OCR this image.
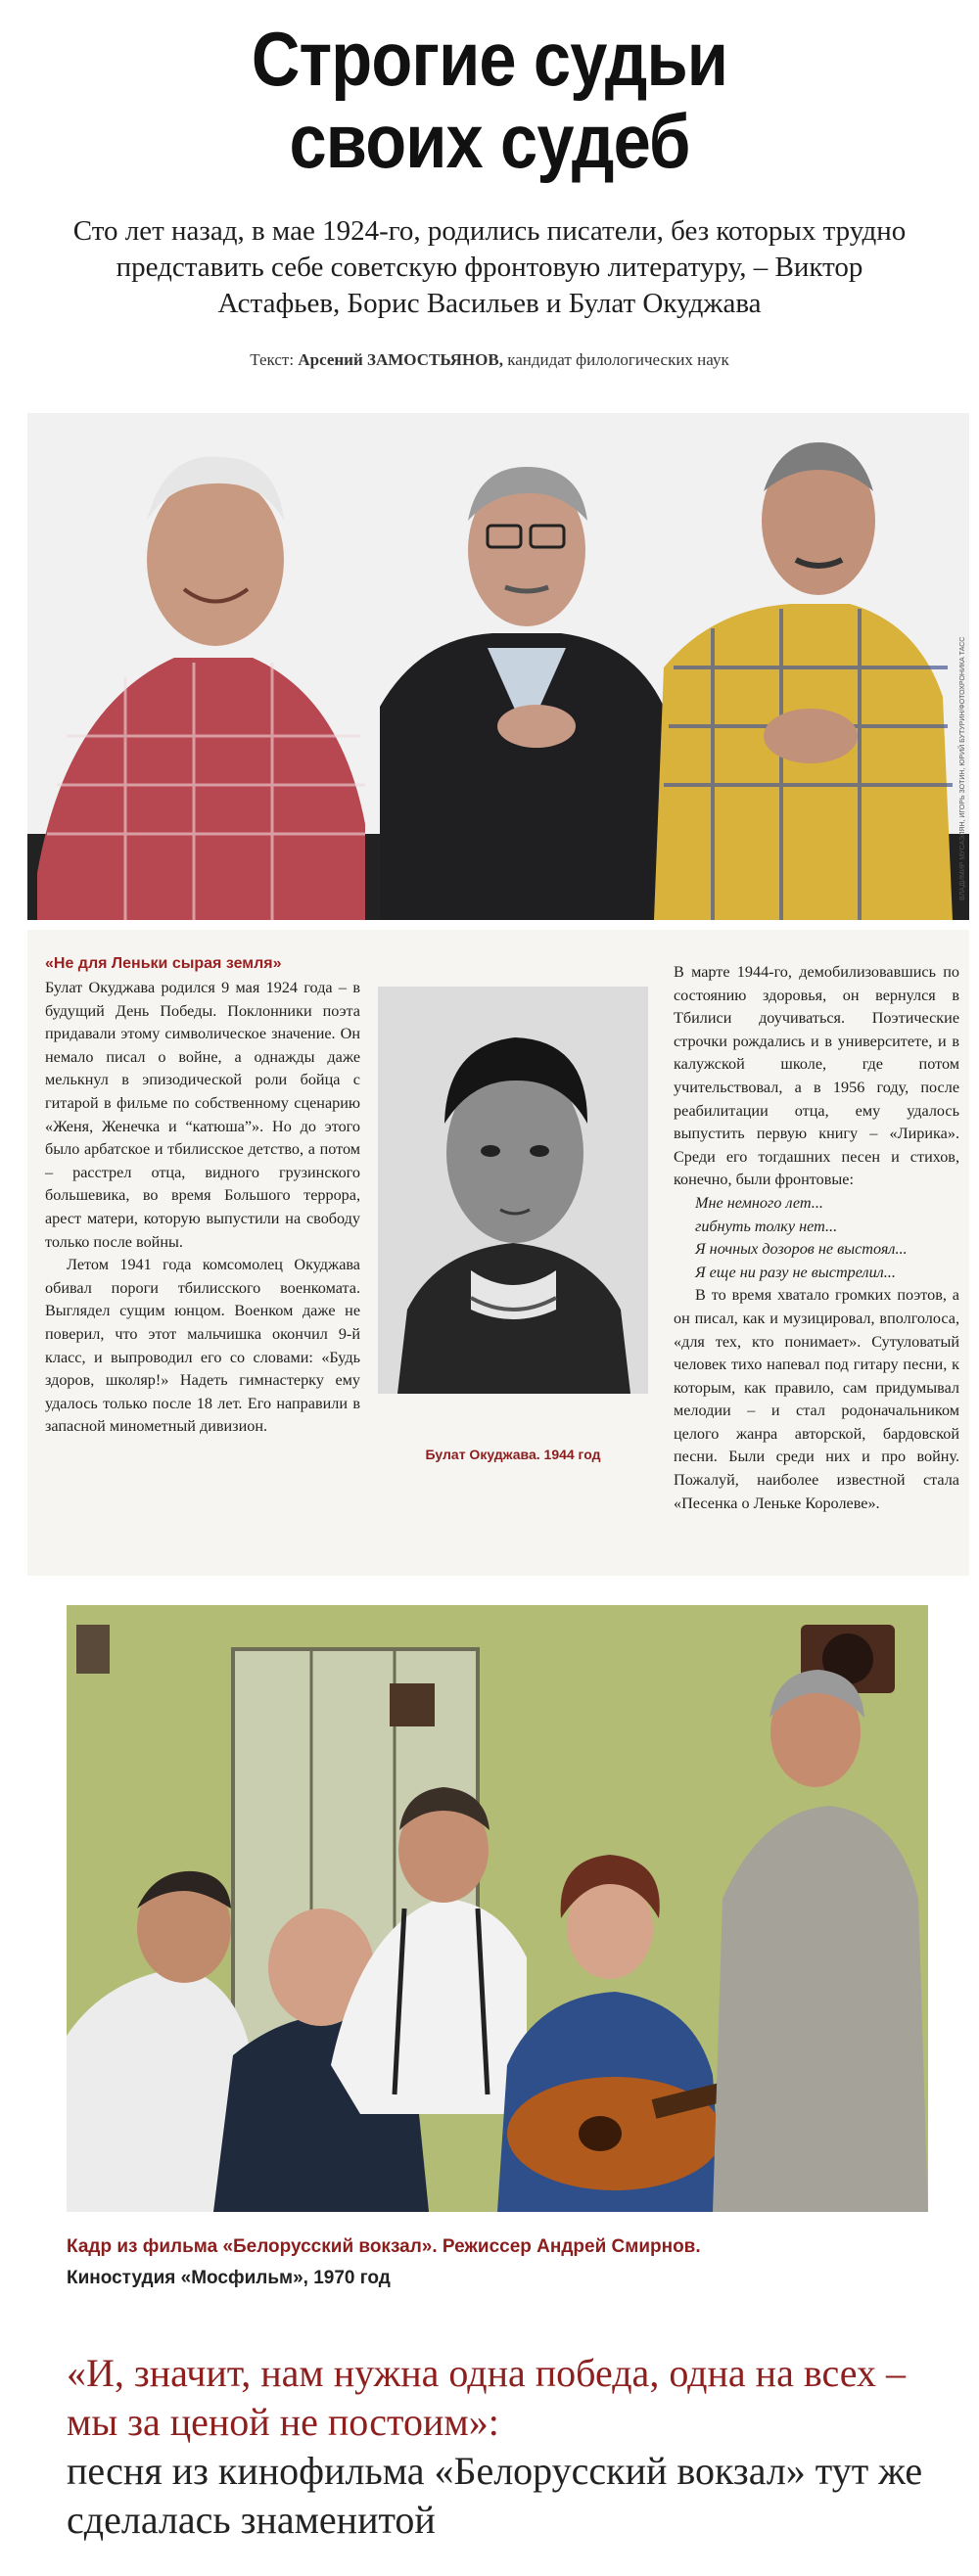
Строгие судьи
своих судеб

Сто лет назад, в мае 1924-го, родились писатели, без которых трудно представить себе советскую фронтовую литературу, – Виктор Астафьев, Борис Васильев и Булат Окуджава

Текст: Арсений ЗАМОСТЬЯНОВ, кандидат филологических наук

ВЛАДИМИР МУСАЭЛЯН, ИГОРЬ ЗОТИН, ЮРИЙ БУТУРИН/ФОТОХРОНИКА ТАСС
«Не для Леньки сырая земля»

Булат Окуджава родился 9 мая 1924 года – в будущий День Победы. Поклонники поэта придавали этому символическое значение. Он немало писал о войне, а однажды даже мелькнул в эпизодической роли бойца с гитарой в фильме по собственному сценарию «Женя, Женечка и “катюша”». Но до этого было арбатское и тбилисское детство, а потом – расстрел отца, видного грузинского большевика, во время Большого террора, арест матери, которую выпустили на свободу только после войны.

Летом 1941 года комсомолец Окуджава обивал пороги тбилисского военкомата. Выглядел сущим юнцом. Военком даже не поверил, что этот мальчишка окончил 9-й класс, и выпроводил его со словами: «Будь здоров, школяр!» Надеть гимнастерку ему удалось только после 18 лет. Его направили в запасной минометный дивизион.

Булат Окуджава. 1944 год

В марте 1944-го, демобилизовавшись по состоянию здоровья, он вернулся в Тбилиси доучиваться. Поэтические строчки рождались и в университете, и в калужской школе, где потом учительствовал, а в 1956 году, после реабилитации отца, ему удалось выпустить первую книгу – «Лирика». Среди его тогдашних песен и стихов, конечно, были фронтовые:

Мне немного лет...

гибнуть толку нет...

Я ночных дозоров не выстоял...

Я еще ни разу не выстрелил...

В то время хватало громких поэтов, а он писал, как и музицировал, вполголоса, «для тех, кто понимает». Сутуловатый человек тихо напевал под гитару песни, к которым, как правило, сам придумывал мелодии – и стал родоначальником целого жанра авторской, бардовской песни. Были среди них и про войну. Пожалуй, наиболее известной стала «Песенка о Леньке Королеве».

Кадр из фильма «Белорусский вокзал». Режиссер Андрей Смирнов.
Киностудия «Мосфильм», 1970 год
«И, значит, нам нужна одна победа, одна на всех – мы за ценой не постоим»:
песня из кинофильма «Белорусский вокзал» тут же сделалась знаменитой
